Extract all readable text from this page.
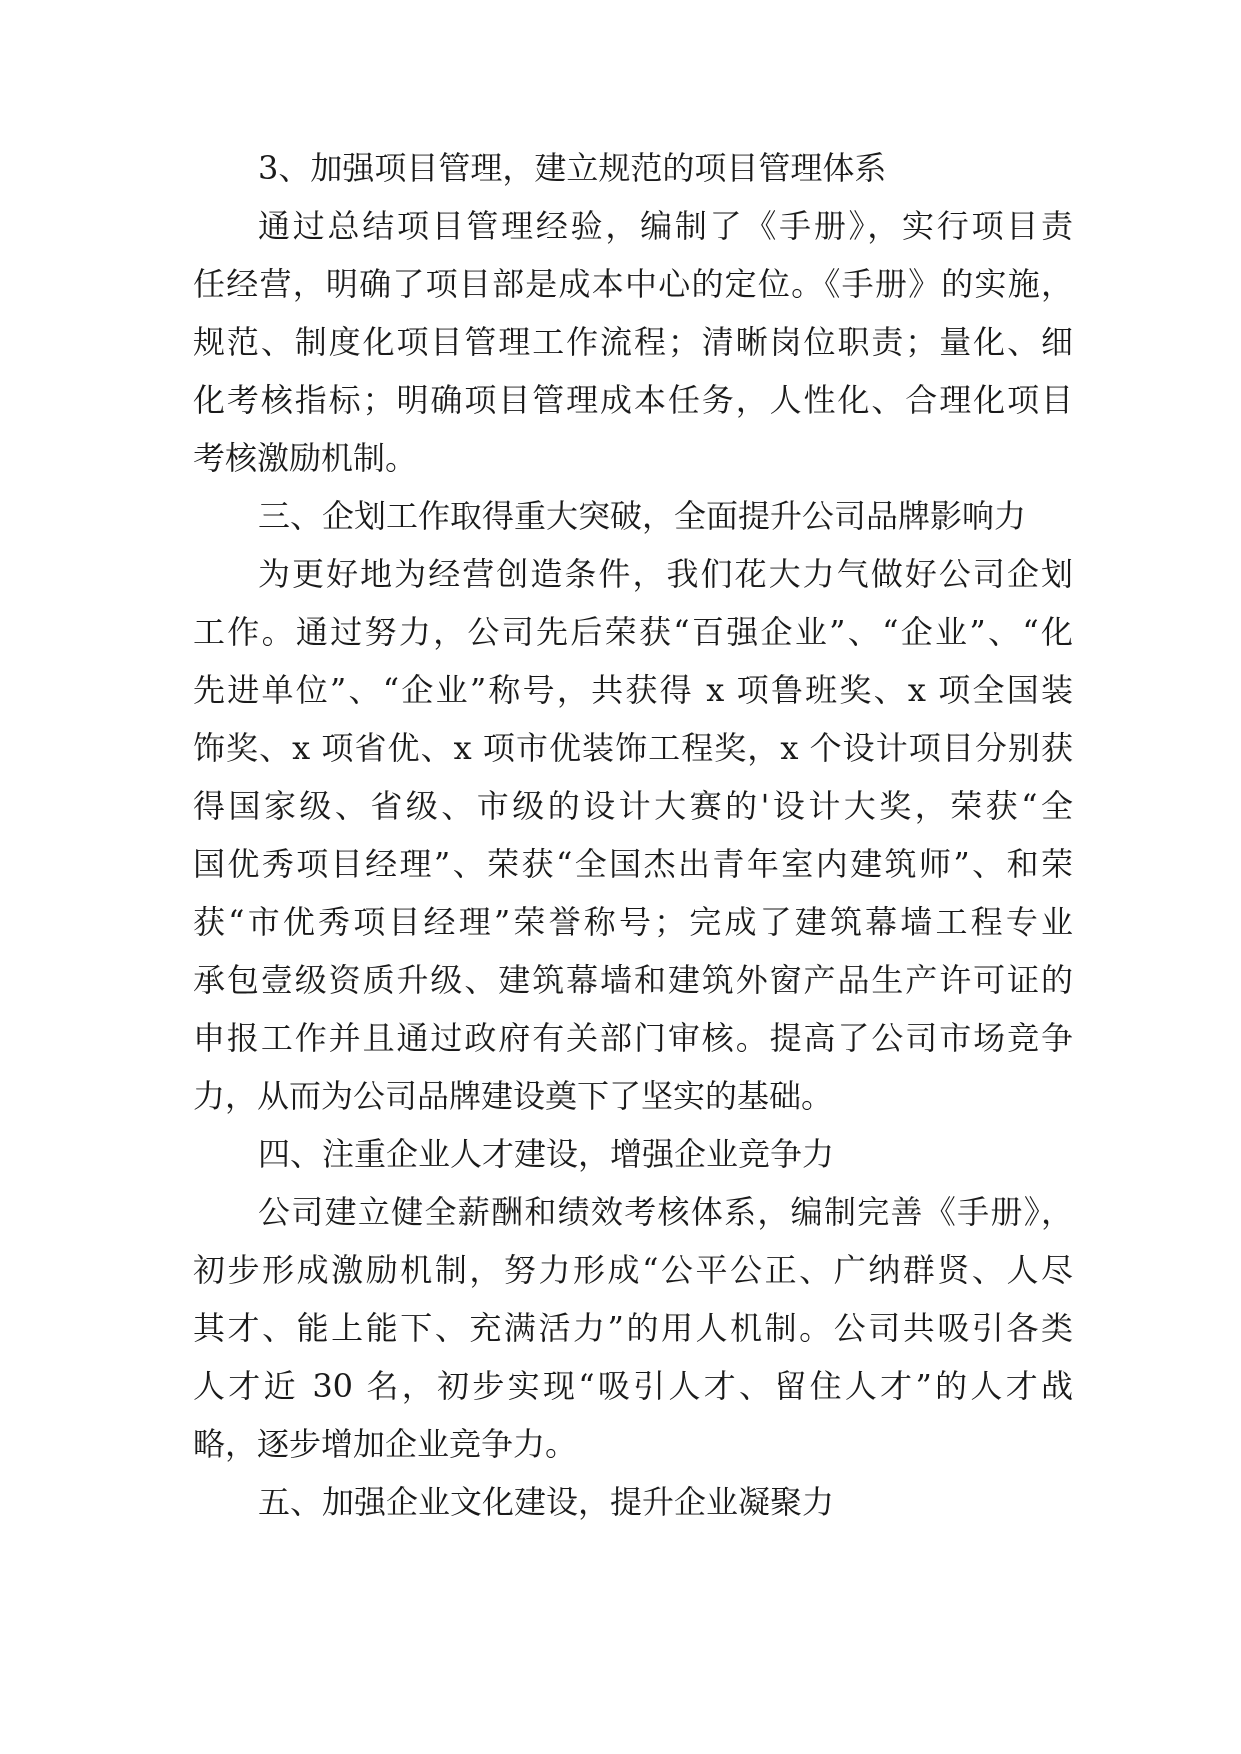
3、加强项目管理，建立规范的项目管理体系
通过总结项目管理经验，编制了《手册》，实行项目责
任经营，明确了项目部是成本中心的定位。《手册》的实施，
规范、制度化项目管理工作流程；清晰岗位职责；量化、细
化考核指标；明确项目管理成本任务，人性化、合理化项目
考核激励机制。
三、企划工作取得重大突破，全面提升公司品牌影响力
为更好地为经营创造条件，我们花大力气做好公司企划
工作。通过努力，公司先后荣获“百强企业”、“企业”、“化
先进单位”、“企业”称号，共获得 x 项鲁班奖、x 项全国装
饰奖、x 项省优、x 项市优装饰工程奖，x 个设计项目分别获
得国家级、省级、市级的设计大赛的'设计大奖，荣获“全
国优秀项目经理”、荣获“全国杰出青年室内建筑师”、和荣
获“市优秀项目经理”荣誉称号；完成了建筑幕墙工程专业
承包壹级资质升级、建筑幕墙和建筑外窗产品生产许可证的
申报工作并且通过政府有关部门审核。提高了公司市场竞争
力，从而为公司品牌建设奠下了坚实的基础。
四、注重企业人才建设，增强企业竞争力
公司建立健全薪酬和绩效考核体系，编制完善《手册》，
初步形成激励机制，努力形成“公平公正、广纳群贤、人尽
其才、能上能下、充满活力”的用人机制。公司共吸引各类
人才近 30 名，初步实现“吸引人才、留住人才”的人才战
略，逐步增加企业竞争力。
五、加强企业文化建设，提升企业凝聚力
